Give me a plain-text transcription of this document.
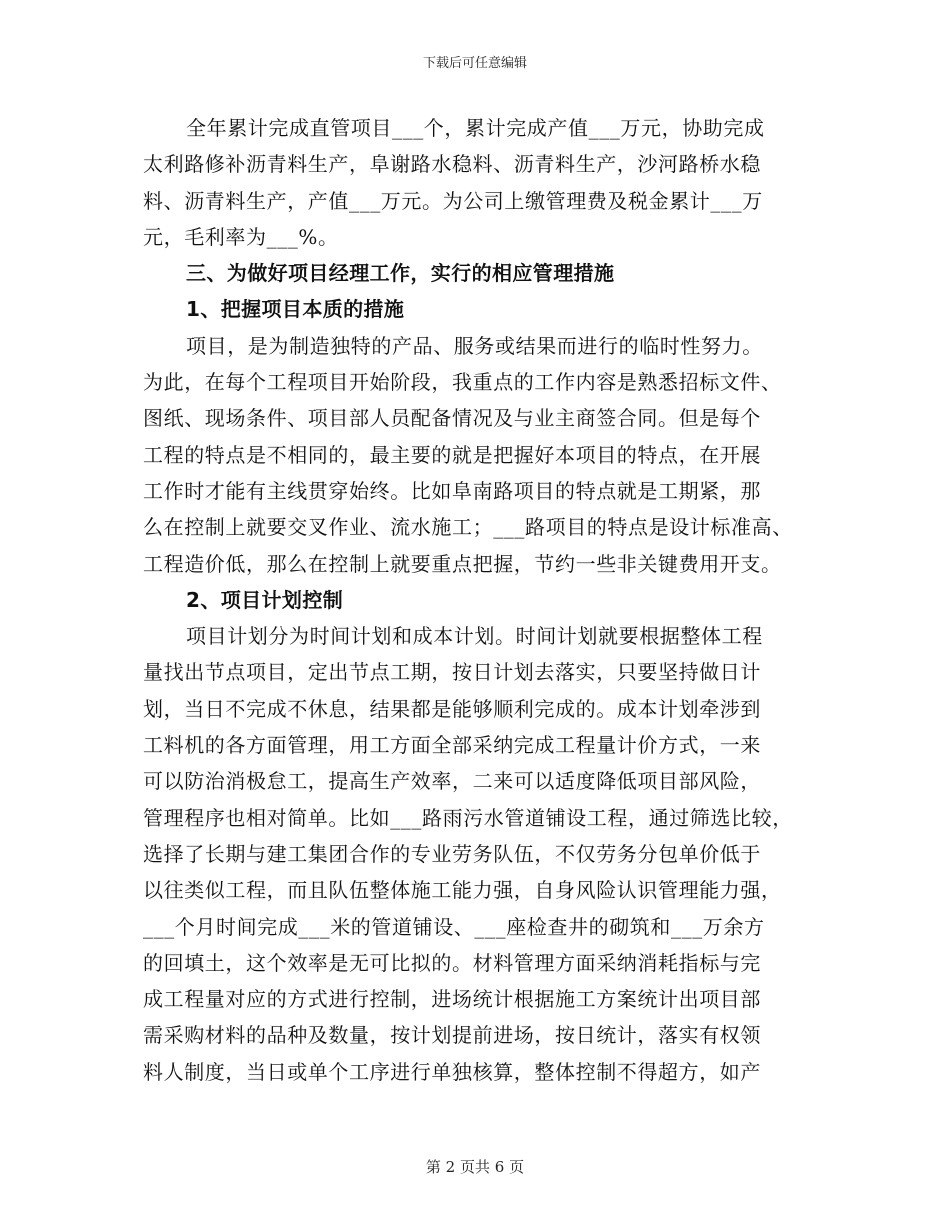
下载后可任意编辑
全年累计完成直管项目___个，累计完成产值___万元，协助完成
太利路修补沥青料生产，阜谢路水稳料、沥青料生产，沙河路桥水稳
料、沥青料生产，产值___万元。为公司上缴管理费及税金累计___万
元，毛利率为___%。
三、为做好项目经理工作，实行的相应管理措施
1、把握项目本质的措施
项目，是为制造独特的产品、服务或结果而进行的临时性努力。
为此，在每个工程项目开始阶段，我重点的工作内容是熟悉招标文件、
图纸、现场条件、项目部人员配备情况及与业主商签合同。但是每个
工程的特点是不相同的，最主要的就是把握好本项目的特点，在开展
工作时才能有主线贯穿始终。比如阜南路项目的特点就是工期紧，那
么在控制上就要交叉作业、流水施工；___路项目的特点是设计标准高、
工程造价低，那么在控制上就要重点把握，节约一些非关键费用开支。
2、项目计划控制
项目计划分为时间计划和成本计划。时间计划就要根据整体工程
量找出节点项目，定出节点工期，按日计划去落实，只要坚持做日计
划，当日不完成不休息，结果都是能够顺利完成的。成本计划牵涉到
工料机的各方面管理，用工方面全部采纳完成工程量计价方式，一来
可以防治消极怠工，提高生产效率，二来可以适度降低项目部风险，
管理程序也相对简单。比如___路雨污水管道铺设工程，通过筛选比较，
选择了长期与建工集团合作的专业劳务队伍，不仅劳务分包单价低于
以往类似工程，而且队伍整体施工能力强，自身风险认识管理能力强，
___个月时间完成___米的管道铺设、___座检查井的砌筑和___万余方
的回填土，这个效率是无可比拟的。材料管理方面采纳消耗指标与完
成工程量对应的方式进行控制，进场统计根据施工方案统计出项目部
需采购材料的品种及数量，按计划提前进场，按日统计，落实有权领
料人制度，当日或单个工序进行单独核算，整体控制不得超方，如产
第 2 页共 6 页
